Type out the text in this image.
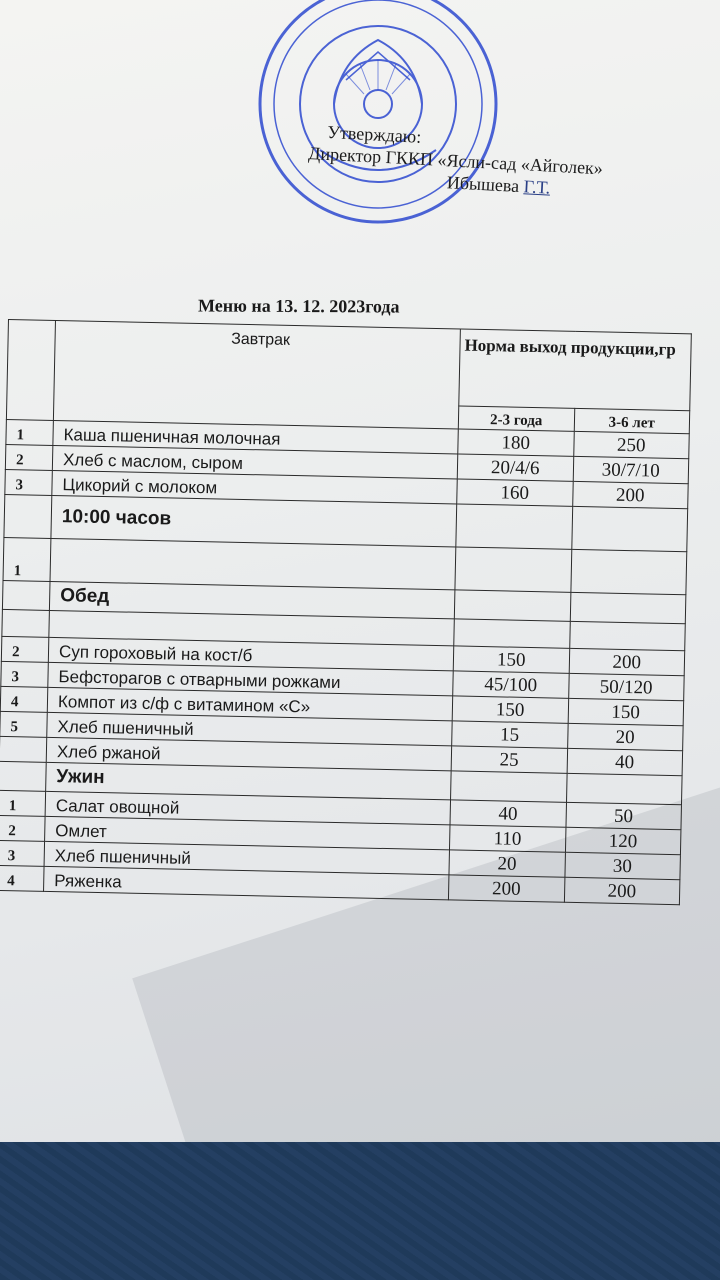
Утверждаю:
Директор ГККП «Ясли-сад «Айголек»
Ибышева Г.Т.
Меню на 13. 12. 2023года
	Завтрак	Норма выход продукции,гр	
		2-3 года	3-6 лет
1	Каша пшеничная молочная	180	250
2	Хлеб с маслом, сыром	20/4/6	30/7/10
3	Цикорий с молоком	160	200
	10:00 часов		
1			
	Обед		

2	Суп гороховый на кост/б	150	200
3	Бефсторагов с отварными рожками	45/100	50/120
4	Компот из с/ф с витамином «С»	150	150
5	Хлеб пшеничный	15	20
	Хлеб ржаной	25	40
	Ужин		
1	Салат овощной	40	50
2	Омлет	110	120
3	Хлеб пшеничный	20	30
4	Ряженка	200	200
